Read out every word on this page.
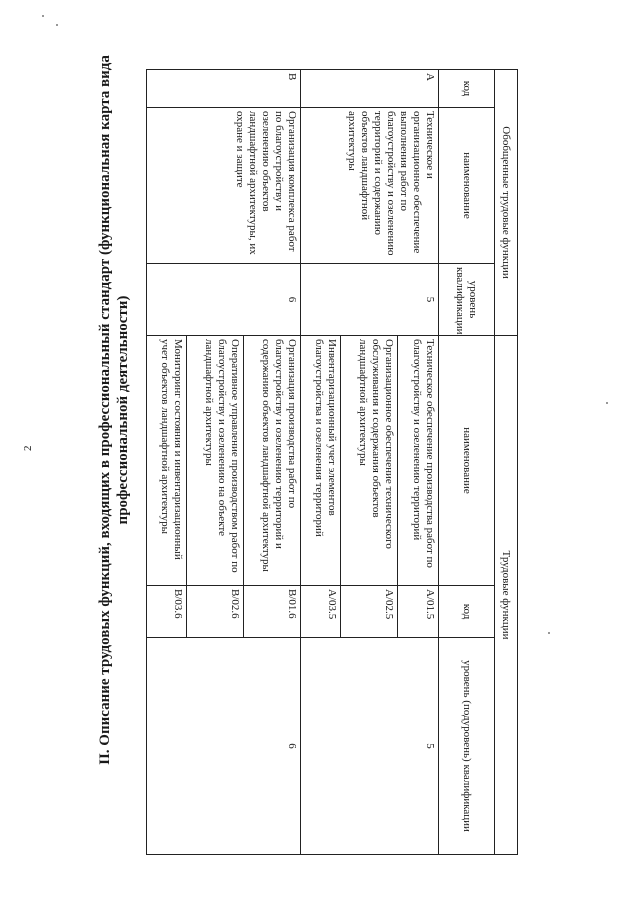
2	II. Описание трудовых функций, входящих в профессиональный стандарт (функциональная карта вида профессиональной деятельности)
Обобщенные трудовые функции			Трудовые функции		
код	наименование	уровень квалификации	наименование	код	уровень (подуровень) квалификации
А	Техническое и организационное обеспечение выполнения работ по благоустройству и озеленению территорий и содержанию объектов ландшафтной архитектуры	5	Техническое обеспечение производства работ по благоустройству и озеленению территорий	А/01.5	5
			Организационное обеспечение технического обслуживания и содержания объектов ландшафтной архитектуры	А/02.5	
			Инвентаризационный учет элементов благоустройства и озеленения территорий	А/03.5	
В	Организация комплекса работ по благоустройству и озеленению объектов ландшафтной архитектуры, их охране и защите	6	Организация производства работ по благоустройству и озеленению территорий и содержанию объектов ландшафтной архитектуры	В/01.6	6
			Оперативное управление производством работ по благоустройству и озеленению на объекте ландшафтной архитектуры	В/02.6	
			Мониторинг состояния и инвентаризационный учет объектов ландшафтной архитектуры	В/03.6	
